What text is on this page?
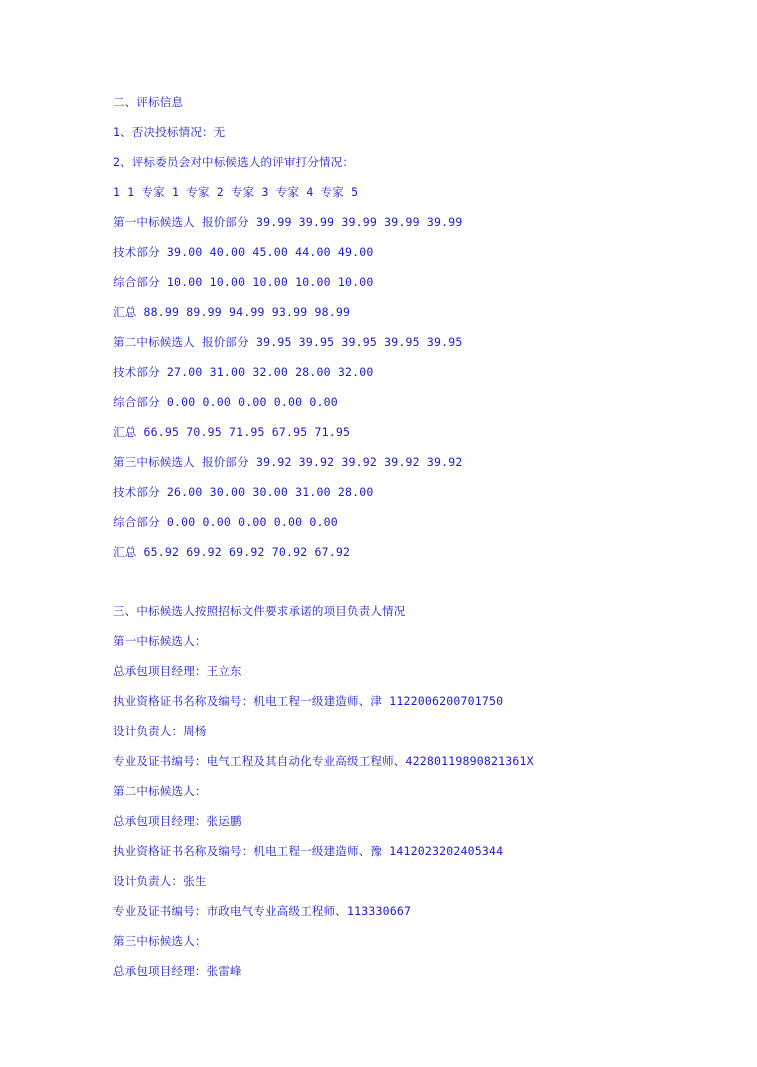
二、评标信息
1、否决投标情况：无
2、评标委员会对中标候选人的评审打分情况：
1 1 专家 1 专家 2 专家 3 专家 4 专家 5
第一中标候选人 报价部分 39.99 39.99 39.99 39.99 39.99
技术部分 39.00 40.00 45.00 44.00 49.00
综合部分 10.00 10.00 10.00 10.00 10.00
汇总 88.99 89.99 94.99 93.99 98.99
第二中标候选人 报价部分 39.95 39.95 39.95 39.95 39.95
技术部分 27.00 31.00 32.00 28.00 32.00
综合部分 0.00 0.00 0.00 0.00 0.00
汇总 66.95 70.95 71.95 67.95 71.95
第三中标候选人 报价部分 39.92 39.92 39.92 39.92 39.92
技术部分 26.00 30.00 30.00 31.00 28.00
综合部分 0.00 0.00 0.00 0.00 0.00
汇总 65.92 69.92 69.92 70.92 67.92
三、中标候选人按照招标文件要求承诺的项目负责人情况
第一中标候选人：
总承包项目经理：王立东
执业资格证书名称及编号：机电工程一级建造师、津 1122006200701750
设计负责人：周杨
专业及证书编号：电气工程及其自动化专业高级工程师、42280119890821361X
第二中标候选人：
总承包项目经理：张运鹏
执业资格证书名称及编号：机电工程一级建造师、豫 1412023202405344
设计负责人：张生
专业及证书编号：市政电气专业高级工程师、113330667
第三中标候选人：
总承包项目经理：张雷峰
